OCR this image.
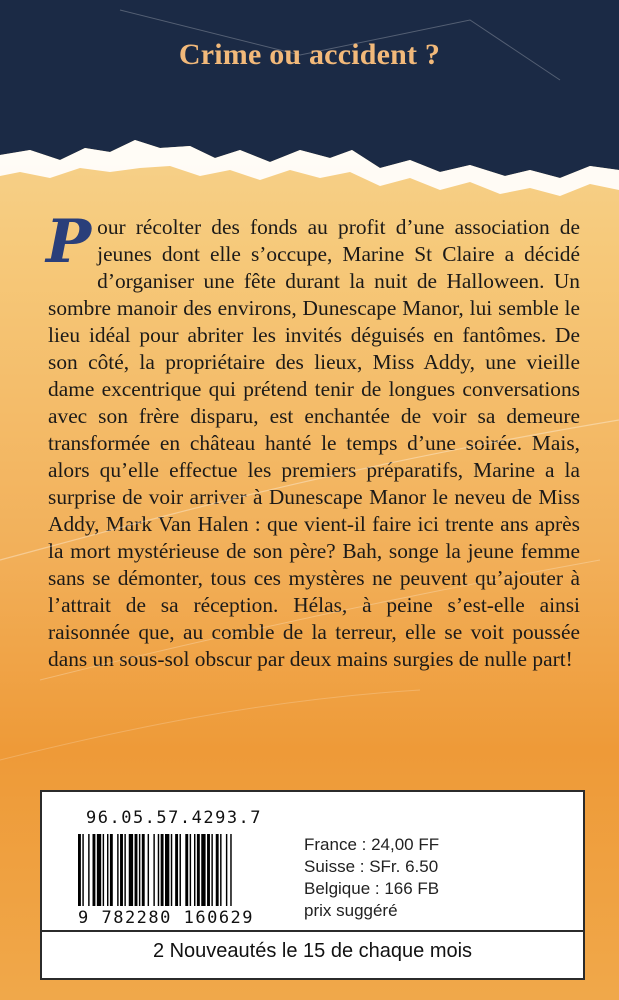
Crime ou accident ?
P our récolter des fonds au profit d’une association de jeunes dont elle s’occupe, Marine St Claire a décidé d’organiser une fête durant la nuit de Halloween. Un sombre manoir des environs, Dunescape Manor, lui semble le lieu idéal pour abriter les invités déguisés en fantômes. De son côté, la propriétaire des lieux, Miss Addy, une vieille dame excentrique qui prétend tenir de longues conversations avec son frère disparu, est enchantée de voir sa demeure transformée en château hanté le temps d’une soirée. Mais, alors qu’elle effectue les premiers préparatifs, Marine a la surprise de voir arriver à Dunescape Manor le neveu de Miss Addy, Mark Van Halen : que vient-il faire ici trente ans après la mort mystérieuse de son père? Bah, songe la jeune femme sans se démonter, tous ces mystères ne peuvent qu’ajouter à l’attrait de sa réception. Hélas, à peine s’est-elle ainsi raisonnée que, au comble de la terreur, elle se voit poussée dans un sous-sol obscur par deux mains surgies de nulle part!
96.05.57.4293.7
9 782280 160629
France : 24,00 FF
Suisse : SFr. 6.50
Belgique : 166 FB
prix suggéré
2 Nouveautés le 15 de chaque mois
